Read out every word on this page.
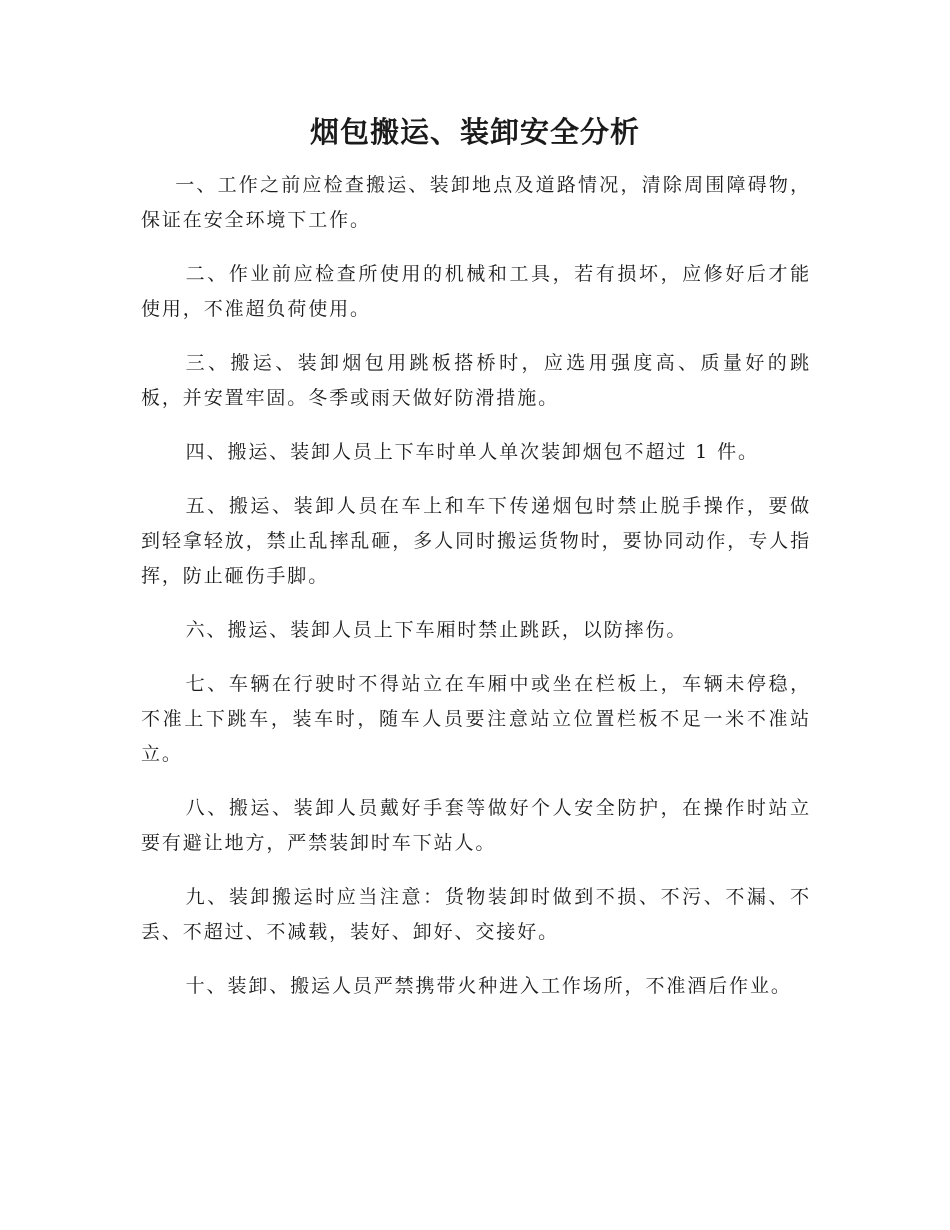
烟包搬运、装卸安全分析

一、工作之前应检查搬运、装卸地点及道路情况，清除周围障碍物，保证在安全环境下工作。

二、作业前应检查所使用的机械和工具，若有损坏，应修好后才能使用，不准超负荷使用。

三、搬运、装卸烟包用跳板搭桥时，应选用强度高、质量好的跳板，并安置牢固。冬季或雨天做好防滑措施。

四、搬运、装卸人员上下车时单人单次装卸烟包不超过 1 件。

五、搬运、装卸人员在车上和车下传递烟包时禁止脱手操作，要做到轻拿轻放，禁止乱摔乱砸，多人同时搬运货物时，要协同动作，专人指挥，防止砸伤手脚。

六、搬运、装卸人员上下车厢时禁止跳跃，以防摔伤。

七、车辆在行驶时不得站立在车厢中或坐在栏板上，车辆未停稳，不准上下跳车，装车时，随车人员要注意站立位置栏板不足一米不准站立。

八、搬运、装卸人员戴好手套等做好个人安全防护，在操作时站立要有避让地方，严禁装卸时车下站人。

九、装卸搬运时应当注意：货物装卸时做到不损、不污、不漏、不丢、不超过、不减载，装好、卸好、交接好。

十、装卸、搬运人员严禁携带火种进入工作场所，不准酒后作业。
